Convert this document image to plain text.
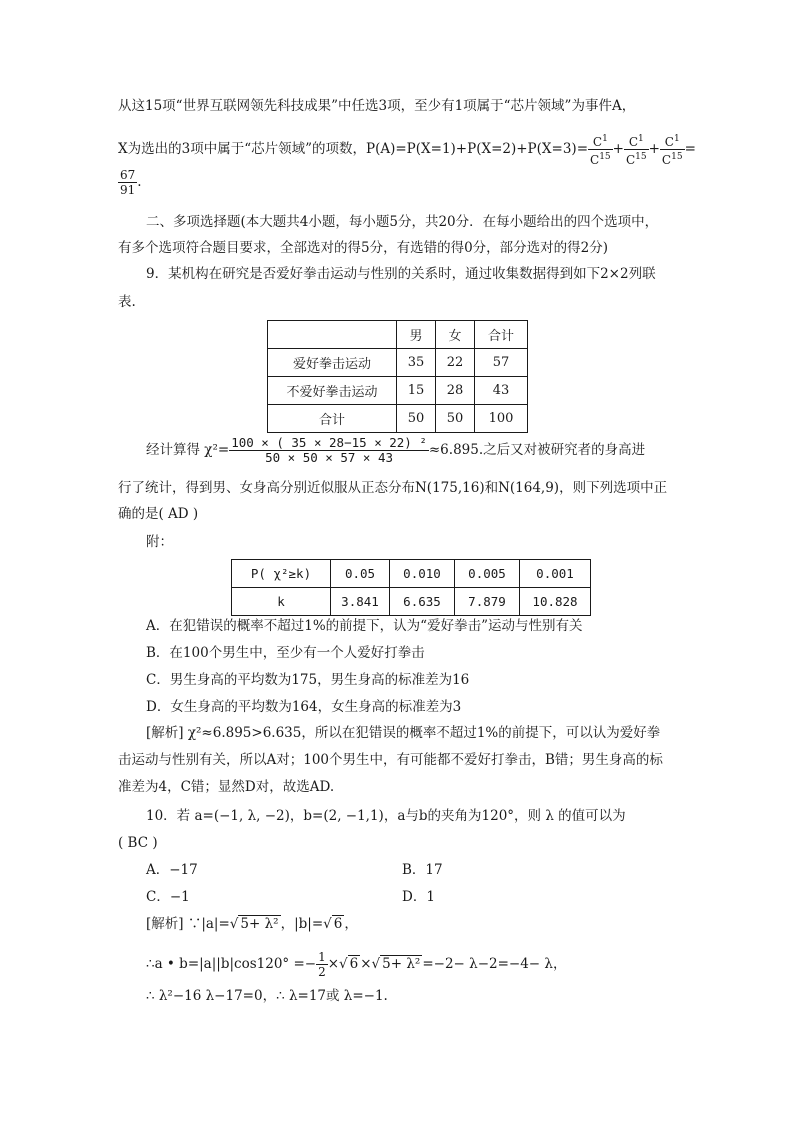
从这15项“世界互联网领先科技成果”中任选3项，至少有1项属于“芯片领域”为事件A，
X为选出的3项中属于“芯片领域”的项数，$P(A)=P(X=1)+P(X=2)+P(X=3)= \frac{C^1}{C^{15}} + \frac{C^1}{C^{15}} + \frac{C^1}{C^{15}}$ =
$\frac{67}{91}$ .
二、多项选择题(本大题共4小题，每小题5分，共20分．在每小题给出的四个选项中，
有多个选项符合题目要求，全部选对的得5分，有选错的得0分，部分选对的得2分)
9．某机构在研究是否爱好拳击运动与性别的关系时，通过收集数据得到如下2×2列联
表.
	男	女	合计
爱好拳击运动	35	22	57
不爱好拳击运动	15	28	43
合计	50	50	100
经计算得 $\chi^2= \frac{\text{100 × ( 35 × 28−15 × 22) ²}}{50 \times 50 \times 57 \times 43} \approx 6.895$.之后又对被研究者的身高进
行了统计，得到男、女身高分别近似服从正态分布N(175,16)和N(164,9)，则下列选项中正
确的是( AD )
附：
P( χ²≥k)	0.05	0.010	0.005	0.001
k	3.841	6.635	7.879	10.828
A．在犯错误的概率不超过1%的前提下，认为“爱好拳击”运动与性别有关
B．在100个男生中，至少有一个人爱好打拳击
C．男生身高的平均数为175，男生身高的标准差为16
D．女生身高的平均数为164，女生身高的标准差为3
[解析] χ²≈6.895>6.635，所以在犯错误的概率不超过1%的前提下，可以认为爱好拳
击运动与性别有关，所以A对；100个男生中，有可能都不爱好打拳击，B错；男生身高的标
准差为4，C错；显然D对，故选AD.
10．若 a=(−1, λ, −2)，b=(2, −1,1)，a与b的夹角为120°，则 λ 的值可以为
( BC )
A．−17	B．17
C．−1	D．1
[解析] ∵|a|=√ 5+ λ² ，|b|=√ 6 ，
∴a • $b=|a||b|\cos 120^\circ =- \frac{1}{2}$ ×√ 6 ×√ 5+ λ² =−2− λ−2=−4− λ，
∴ λ²−16 λ−17=0，∴ λ=17或 λ=−1.
